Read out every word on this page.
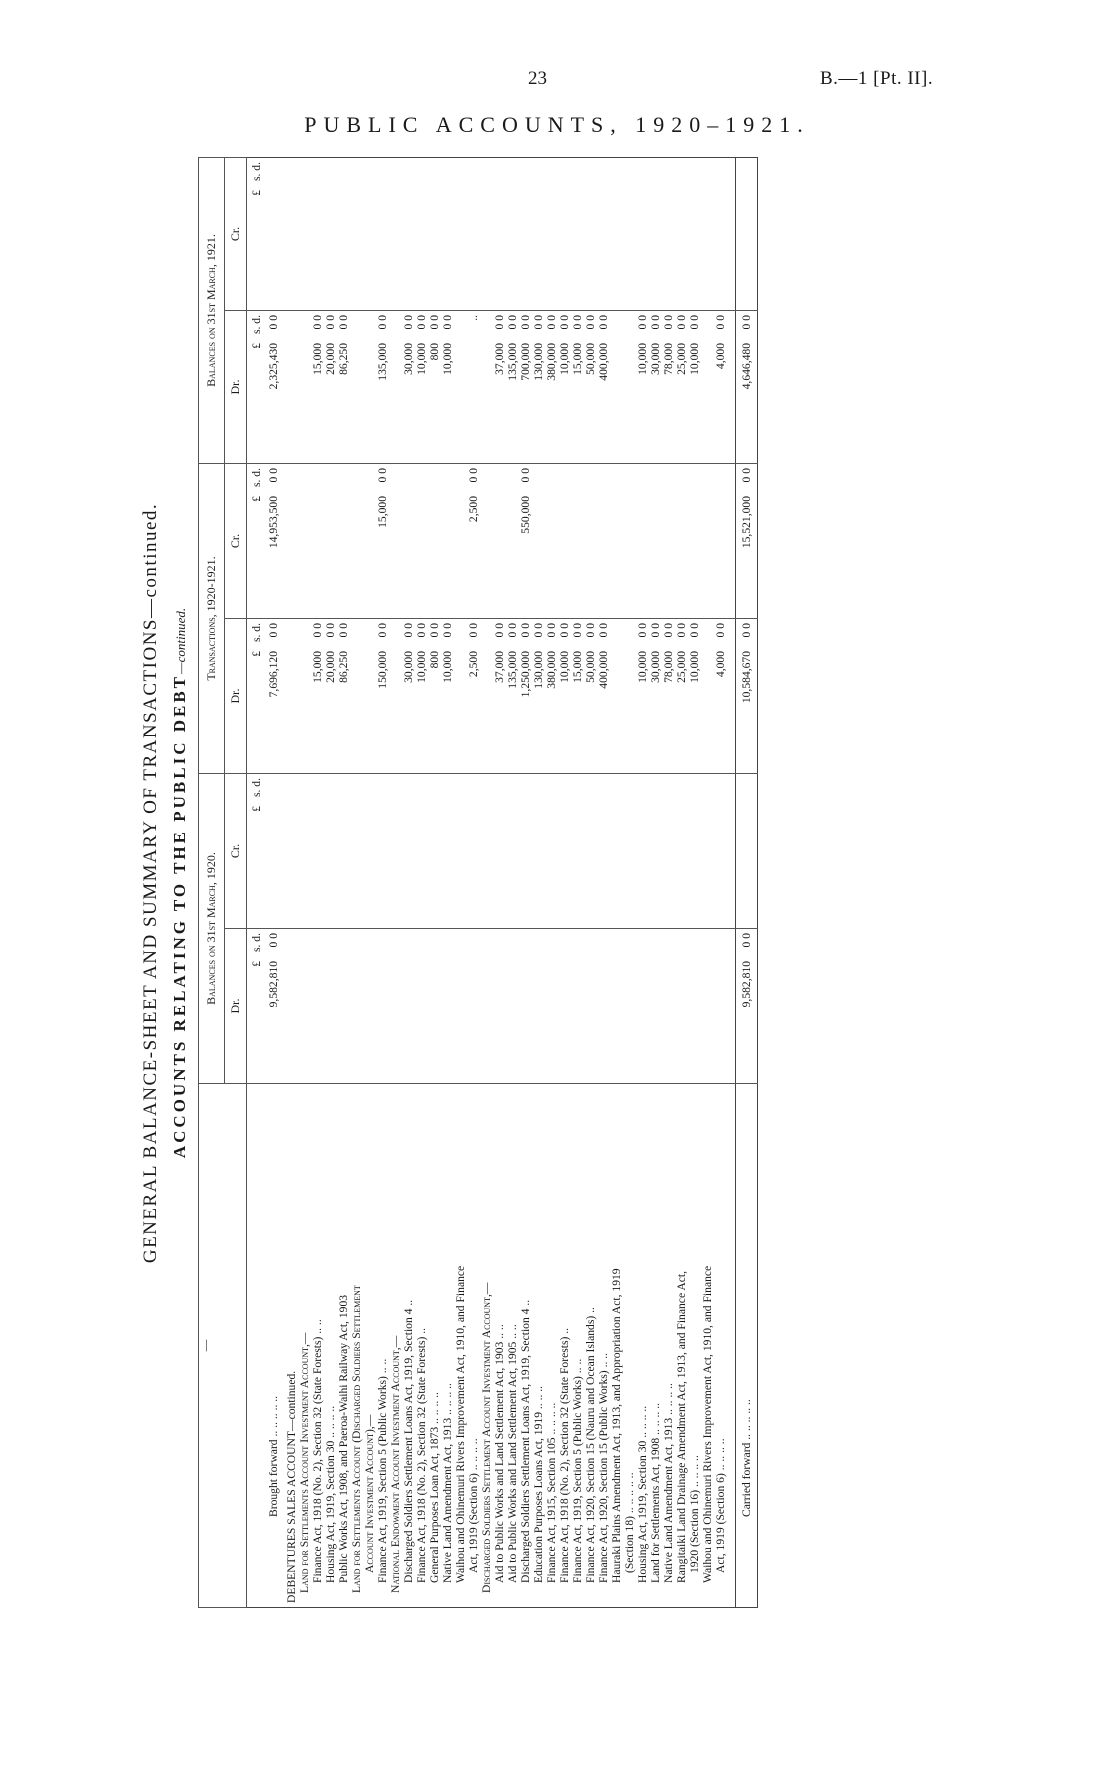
23	B.—1 [Pt. II].
PUBLIC ACCOUNTS, 1920–1921.
GENERAL BALANCE-SHEET AND SUMMARY OF TRANSACTIONS—continued. ACCOUNTS RELATING TO THE PUBLIC DEBT—continued.
—	Balances on 31st March, 1920.		Transactions, 1920-1921.		Balances on 31st March, 1921.	
	Dr.	Cr.	Dr.	Cr.	Dr.	Cr.
	£s. d.	£s. d.	£s. d.	£s. d.	£s. d.	£s. d.
Brought forward .. .. .. .. ..	9,582,8100 0		7,696,1200 0	14,953,5000 0	2,325,4300 0	
DEBENTURES SALES ACCOUNT—continued.						
Land for Settlements Account Investment Account,—						
Finance Act, 1918 (No. 2), Section 32 (State Forests) .. ..			15,0000 0		15,0000 0	
Housing Act, 1919, Section 30 .. .. .. ..			20,0000 0		20,0000 0	
Public Works Act, 1908, and Paeroa-Waihi Railway Act, 1903			86,2500 0		86,2500 0	
Land for Settlements Account (Discharged Soldiers Settlement						
Account Investment Account),—						
Finance Act, 1919, Section 5 (Public Works) .. ..			150,0000 0	15,0000 0	135,0000 0	
National Endowment Account Investment Account,—						
Discharged Soldiers Settlement Loans Act, 1919, Section 4 ..			30,0000 0		30,0000 0	
Finance Act, 1918 (No. 2), Section 32 (State Forests) ..			10,0000 0		10,0000 0	
General Purposes Loan Act, 1873 .. .. .. ..			8000 0		8000 0	
Native Land Amendment Act, 1913 .. .. .. ..			10,0000 0		10,0000 0	
Waihou and Ohinemuri Rivers Improvement Act, 1910, and Finance						
Act, 1919 (Section 6) .. .. .. ..			2,5000 0	2,5000 0	..	
Discharged Soldiers Settlement Account Investment Account,—						
Aid to Public Works and Land Settlement Act, 1903 .. ..			37,0000 0		37,0000 0	
Aid to Public Works and Land Settlement Act, 1905 .. ..			135,0000 0		135,0000 0	
Discharged Soldiers Settlement Loans Act, 1919, Section 4 ..			1,250,0000 0	550,0000 0	700,0000 0	
Education Purposes Loans Act, 1919 .. .. ..			130,0000 0		130,0000 0	
Finance Act, 1915, Section 105 .. .. .. ..			380,0000 0		380,0000 0	
Finance Act, 1918 (No. 2), Section 32 (State Forests) ..			10,0000 0		10,0000 0	
Finance Act, 1919, Section 5 (Public Works) .. ..			15,0000 0		15,0000 0	
Finance Act, 1920, Section 15 (Nauru and Ocean Islands) ..			50,0000 0		50,0000 0	
Finance Act, 1920, Section 15 (Public Works) .. ..			400,0000 0		400,0000 0	
Hauraki Plains Amendment Act, 1913, and Appropriation Act, 1919						
(Section 18) .. .. .. .. ..						
Housing Act, 1919, Section 30 .. .. .. ..			10,0000 0		10,0000 0	
Land for Settlements Act, 1908 .. .. .. ..			30,0000 0		30,0000 0	
Native Land Amendment Act, 1913 .. .. .. ..			78,0000 0		78,0000 0	
Rangitaiki Land Drainage Amendment Act, 1913, and Finance Act,			25,0000 0		25,0000 0	
1920 (Section 16) .. .. .. ..			10,0000 0		10,0000 0	
Waihou and Ohinemuri Rivers Improvement Act, 1910, and Finance						
Act, 1919 (Section 6) .. .. .. ..			4,0000 0		4,0000 0	

Carried forward .. .. .. .. ..	9,582,8100 0		10,584,6700 0	15,521,0000 0	4,646,4800 0	
